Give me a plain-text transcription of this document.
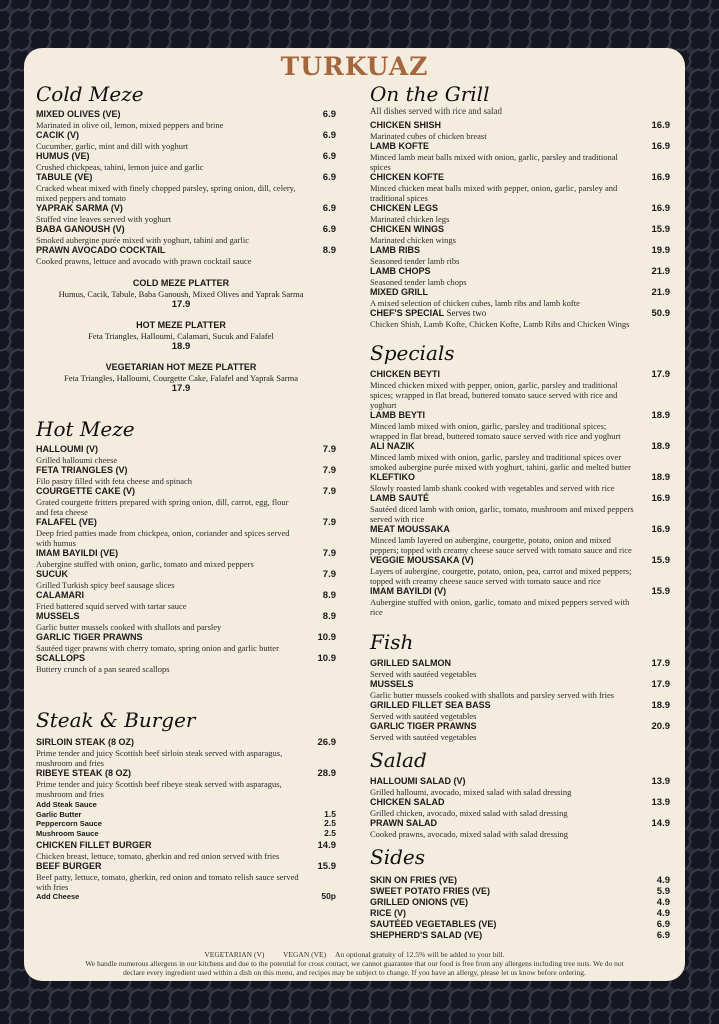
TURKUAZ
Cold Meze
MIXED OLIVES (VE)	6.9
Marinated in olive oil, lemon, mixed peppers and brine
CACIK (V)	6.9
Cucumber, garlic, mint and dill with yoghurt
HUMUS (VE)	6.9
Crushed chickpeas, tahini, lemon juice and garlic
TABULE (VE)	6.9
Cracked wheat mixed with finely chopped parsley, spring onion, dill, celery, mixed peppers and tomato
YAPRAK SARMA (V)	6.9
Stuffed vine leaves served with yoghurt
BABA GANOUSH (V)	6.9
Smoked aubergine purée mixed with yoghurt, tahini and garlic
PRAWN AVOCADO COCKTAIL	8.9
Cooked prawns, lettuce and avocado with prawn cocktail sauce
COLD MEZE PLATTER
Humus, Cacik, Tabule, Baba Ganoush, Mixed Olives and Yaprak Sarma
17.9
HOT MEZE PLATTER
Feta Triangles, Halloumi, Calamari, Sucuk and Falafel
18.9
VEGETARIAN HOT MEZE PLATTER
Feta Triangles, Halloumi, Courgette Cake, Falafel and Yaprak Sarma
17.9
Hot Meze
HALLOUMI (V)	7.9
Grilled halloumi cheese
FETA TRIANGLES (V)	7.9
Filo pastry filled with feta cheese and spinach
COURGETTE CAKE (V)	7.9
Grated courgette fritters prepared with spring onion, dill, carrot, egg, flour and feta cheese
FALAFEL (VE)	7.9
Deep fried patties made from chickpea, onion, coriander and spices served with humus
IMAM BAYILDI (VE)	7.9
Aubergine stuffed with onion, garlic, tomato and mixed peppers
SUCUK	7.9
Grilled Turkish spicy beef sausage slices
CALAMARI	8.9
Fried battered squid served with tartar sauce
MUSSELS	8.9
Garlic butter mussels cooked with shallots and parsley
GARLIC TIGER PRAWNS	10.9
Sautéed tiger prawns with cherry tomato, spring onion and garlic butter
SCALLOPS	10.9
Buttery crunch of a pan seared scallops
Steak & Burger
SIRLOIN STEAK (8 OZ)	26.9
Prime tender and juicy Scottish beef sirloin steak served with asparagus, mushroom and fries
RIBEYE STEAK (8 OZ)	28.9
Prime tender and juicy Scottish beef ribeye steak served with asparagus, mushroom and fries
Add Steak Sauce
Garlic Butter	1.5
Peppercorn Sauce	2.5
Mushroom Sauce	2.5
CHICKEN FILLET BURGER	14.9
Chicken breast, lettuce, tomato, gherkin and red onion served with fries
BEEF BURGER	15.9
Beef patty, lettuce, tomato, gherkin, red onion and tomato relish sauce served with fries
Add Cheese	50p
On the Grill
All dishes served with rice and salad
CHICKEN SHISH	16.9
Marinated cubes of chicken breast
LAMB KOFTE	16.9
Minced lamb meat balls mixed with onion, garlic, parsley and traditional spices
CHICKEN KOFTE	16.9
Minced chicken meat balls mixed with pepper, onion, garlic, parsley and traditional spices
CHICKEN LEGS	16.9
Marinated chicken legs
CHICKEN WINGS	15.9
Marinated chicken wings
LAMB RIBS	19.9
Seasoned tender lamb ribs
LAMB CHOPS	21.9
Seasoned tender lamb chops
MIXED GRILL	21.9
A mixed selection of chicken cubes, lamb ribs and lamb kofte
CHEF'S SPECIAL Serves two	50.9
Chicken Shish, Lamb Kofte, Chicken Kofte, Lamb Ribs and Chicken Wings
Specials
CHICKEN BEYTI	17.9
Minced chicken mixed with pepper, onion, garlic, parsley and traditional spices; wrapped in flat bread, buttered tomato sauce served with rice and yoghurt
LAMB BEYTI	18.9
Minced lamb mixed with onion, garlic, parsley and traditional spices; wrapped in flat bread, buttered tomato sauce served with rice and yoghurt
ALI NAZIK	18.9
Minced lamb mixed with onion, garlic, parsley and traditional spices over smoked aubergine purée mixed with yoghurt, tahini, garlic and melted butter
KLEFTIKO	18.9
Slowly roasted lamb shank cooked with vegetables and served with rice
LAMB SAUTÉ	16.9
Sautéed diced lamb with onion, garlic, tomato, mushroom and mixed peppers served with rice
MEAT MOUSSAKA	16.9
Minced lamb layered on aubergine, courgette, potato, onion and mixed peppers; topped with creamy cheese sauce served with tomato sauce and rice
VEGGIE MOUSSAKA (V)	15.9
Layers of aubergine, courgette, potato, onion, pea, carrot and mixed peppers; topped with creamy cheese sauce served with tomato sauce and rice
IMAM BAYILDI (V)	15.9
Aubergine stuffed with onion, garlic, tomato and mixed peppers served with rice
Fish
GRILLED SALMON	17.9
Served with sautéed vegetables
MUSSELS	17.9
Garlic butter mussels cooked with shallots and parsley served with fries
GRILLED FILLET SEA BASS	18.9
Served with sautéed vegetables
GARLIC TIGER PRAWNS	20.9
Served with sautéed vegetables
Salad
HALLOUMI SALAD (V)	13.9
Grilled halloumi, avocado, mixed salad with salad dressing
CHICKEN SALAD	13.9
Grilled chicken, avocado, mixed salad with salad dressing
PRAWN SALAD	14.9
Cooked prawns, avocado, mixed salad with salad dressing
Sides
SKIN ON FRIES (VE)	4.9
SWEET POTATO FRIES (VE)	5.9
GRILLED ONIONS (VE)	4.9
RICE (V)	4.9
SAUTÉED VEGETABLES (VE)	6.9
SHEPHERD'S SALAD (VE)	6.9
VEGETARIAN (V)          VEGAN (VE)     An optional gratuity of 12.5% will be added to your bill.
We handle numerous allergens in our kitchens and due to the potential for cross contact, we cannot guarantee that our food is free from any allergens including tree nuts. We do not
declare every ingredient used within a dish on this menu, and recipes may be subject to change. If you have an allergy, please let us know before ordering.
